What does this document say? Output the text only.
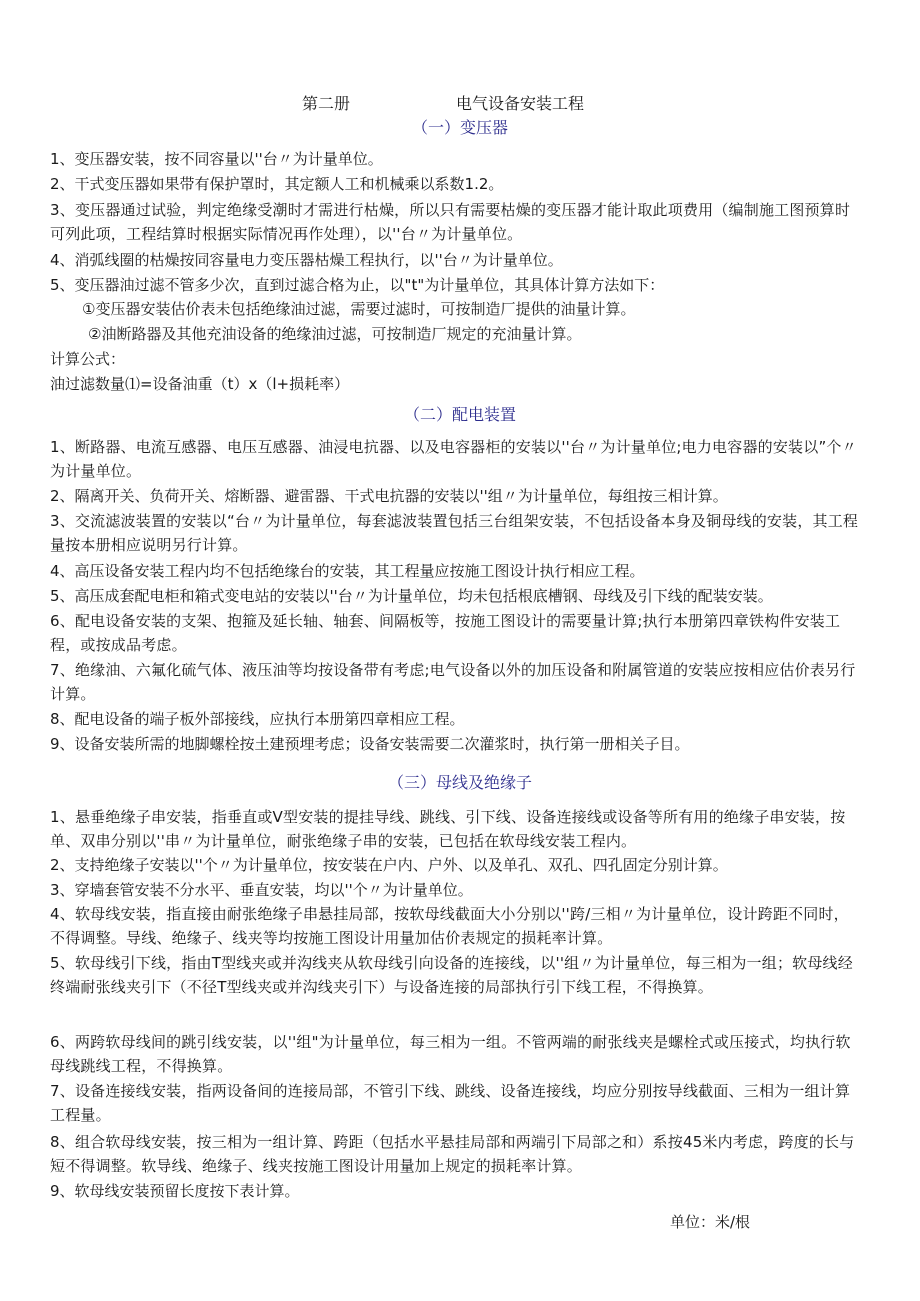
第二册	电气设备安装工程
（一）变压器
1、变压器安装，按不同容量以''台〃为计量单位。
2、干式变压器如果带有保护罩时，其定额人工和机械乘以系数1.2。
3、变压器通过试验，判定绝缘受潮时才需进行枯燥，所以只有需要枯燥的变压器才能计取此项费用（编制施工图预算时可列此项，工程结算时根据实际情况再作处理），以''台〃为计量单位。
4、消弧线圈的枯燥按同容量电力变压器枯燥工程执行，以''台〃为计量单位。
5、变压器油过滤不管多少次，直到过滤合格为止，以"t"为计量单位，其具体计算方法如下：
①变压器安装估价表未包括绝缘油过滤，需要过滤时，可按制造厂提供的油量计算。
②油断路器及其他充油设备的绝缘油过滤，可按制造厂规定的充油量计算。
计算公式：
油过滤数量⑴=设备油重（t）x（l+损耗率）
（二）配电装置
1、断路器、电流互感器、电压互感器、油浸电抗器、以及电容器柜的安装以''台〃为计量单位;电力电容器的安装以”个〃为计量单位。
2、隔离开关、负荷开关、熔断器、避雷器、干式电抗器的安装以''组〃为计量单位，每组按三相计算。
3、交流滤波装置的安装以“台〃为计量单位，每套滤波装置包括三台组架安装，不包括设备本身及铜母线的安装，其工程量按本册相应说明另行计算。
4、高压设备安装工程内均不包括绝缘台的安装，其工程量应按施工图设计执行相应工程。
5、高压成套配电柜和箱式变电站的安装以''台〃为计量单位，均未包括根底槽钢、母线及引下线的配装安装。
6、配电设备安装的支架、抱箍及延长轴、轴套、间隔板等，按施工图设计的需要量计算;执行本册第四章铁构件安装工程，或按成品考虑。
7、绝缘油、六氟化硫气体、液压油等均按设备带有考虑;电气设备以外的加压设备和附属管道的安装应按相应估价表另行计算。
8、配电设备的端子板外部接线，应执行本册第四章相应工程。
9、设备安装所需的地脚螺栓按土建预埋考虑；设备安装需要二次灌浆时，执行第一册相关子目。
（三）母线及绝缘子
1、悬垂绝缘子串安装，指垂直或V型安装的提挂导线、跳线、引下线、设备连接线或设备等所有用的绝缘子串安装，按单、双串分别以''串〃为计量单位，耐张绝缘子串的安装，已包括在软母线安装工程内。
2、支持绝缘子安装以''个〃为计量单位，按安装在户内、户外、以及单孔、双孔、四孔固定分别计算。
3、穿墙套管安装不分水平、垂直安装，均以''个〃为计量单位。
4、软母线安装，指直接由耐张绝缘子串悬挂局部，按软母线截面大小分别以''跨/三相〃为计量单位，设计跨距不同时，不得调整。导线、绝缘子、线夹等均按施工图设计用量加估价表规定的损耗率计算。
5、软母线引下线，指由T型线夹或并沟线夹从软母线引向设备的连接线，以''组〃为计量单位，每三相为一组；软母线经终端耐张线夹引下（不径T型线夹或并沟线夹引下）与设备连接的局部执行引下线工程，不得换算。
6、两跨软母线间的跳引线安装，以''组"为计量单位，每三相为一组。不管两端的耐张线夹是螺栓式或压接式，均执行软母线跳线工程，不得换算。
7、设备连接线安装，指两设备间的连接局部，不管引下线、跳线、设备连接线，均应分别按导线截面、三相为一组计算工程量。
8、组合软母线安装，按三相为一组计算、跨距（包括水平悬挂局部和两端引下局部之和）系按45米内考虑，跨度的长与短不得调整。软导线、绝缘子、线夹按施工图设计用量加上规定的损耗率计算。
9、软母线安装预留长度按下表计算。
单位：米/根
